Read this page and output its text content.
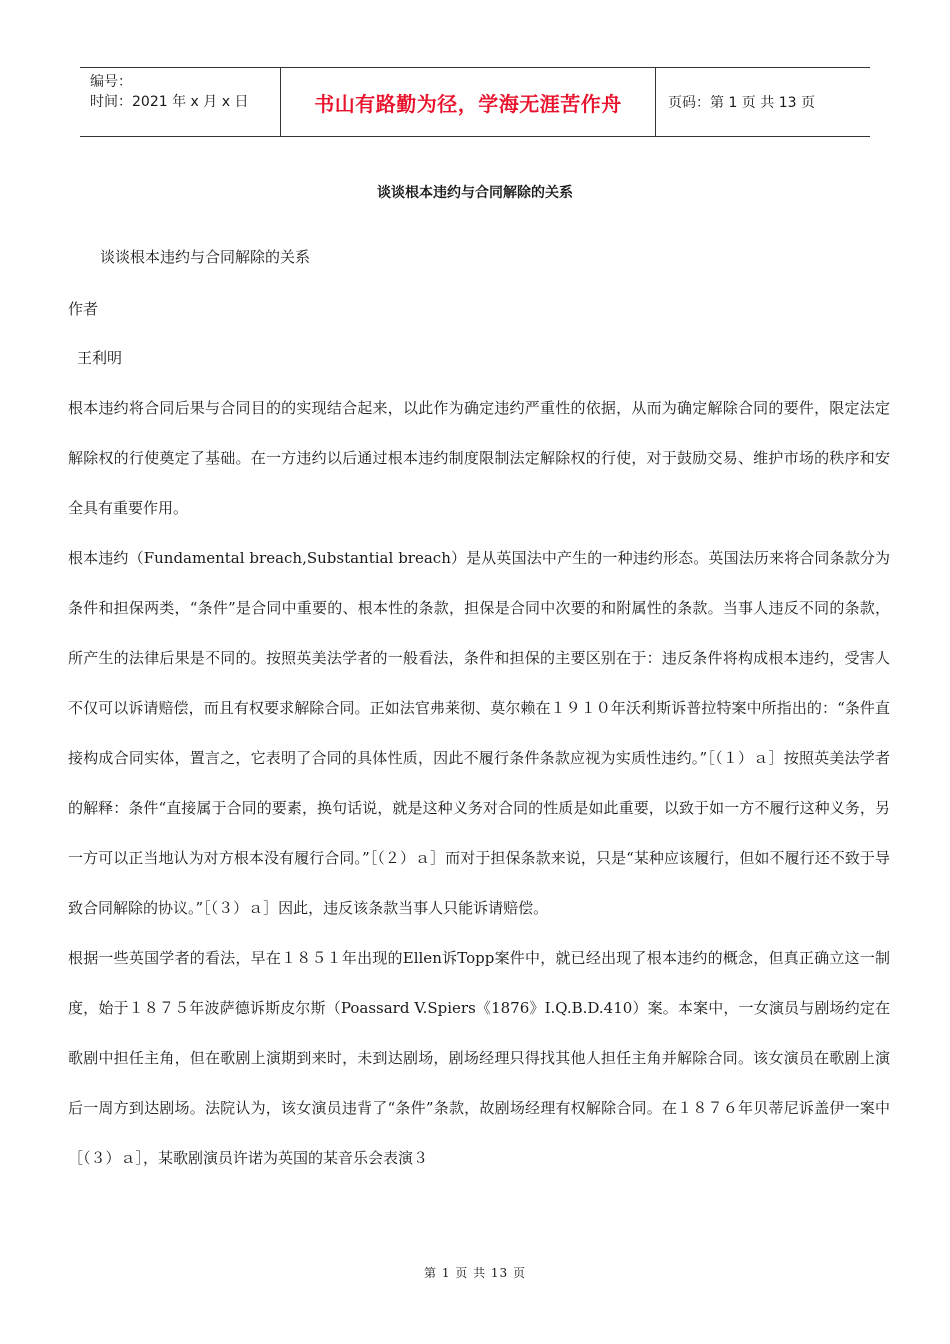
编号：
时间：2021 年 x 月 x 日	书山有路勤为径，学海无涯苦作舟	页码：第 1 页 共 13 页
谈谈根本违约与合同解除的关系
谈谈根本违约与合同解除的关系
作者
王利明

根本违约将合同后果与合同目的的实现结合起来，以此作为确定违约严重性的依据，从而为确定解除合同的要件，限定法定解除权的行使奠定了基础。在一方违约以后通过根本违约制度限制法定解除权的行使，对于鼓励交易、维护市场的秩序和安全具有重要作用。

根本违约（Fundamental breach,Substantial breach）是从英国法中产生的一种违约形态。英国法历来将合同条款分为条件和担保两类，“条件”是合同中重要的、根本性的条款，担保是合同中次要的和附属性的条款。当事人违反不同的条款，所产生的法律后果是不同的。按照英美法学者的一般看法，条件和担保的主要区别在于：违反条件将构成根本违约，受害人不仅可以诉请赔偿，而且有权要求解除合同。正如法官弗莱彻、莫尔赖在１９１０年沃利斯诉普拉特案中所指出的：“条件直接构成合同实体，置言之，它表明了合同的具体性质，因此不履行条件条款应视为实质性违约。”［（１）ａ］按照英美法学者的解释：条件“直接属于合同的要素，换句话说，就是这种义务对合同的性质是如此重要，以致于如一方不履行这种义务，另一方可以正当地认为对方根本没有履行合同。”［（２）ａ］而对于担保条款来说，只是“某种应该履行，但如不履行还不致于导致合同解除的协议。”［（３）ａ］因此，违反该条款当事人只能诉请赔偿。

根据一些英国学者的看法，早在１８５１年出现的Ellen诉Topp案件中，就已经出现了根本违约的概念，但真正确立这一制度，始于１８７５年波萨德诉斯皮尔斯（Poassard V.Spiers《1876》I.Q.B.D.410）案。本案中，一女演员与剧场约定在歌剧中担任主角，但在歌剧上演期到来时，未到达剧场，剧场经理只得找其他人担任主角并解除合同。该女演员在歌剧上演后一周方到达剧场。法院认为，该女演员违背了“条件”条款，故剧场经理有权解除合同。在１８７６年贝蒂尼诉盖伊一案中［（３）ａ］，某歌剧演员许诺为英国的某音乐会表演３

第 1 页 共 13 页
